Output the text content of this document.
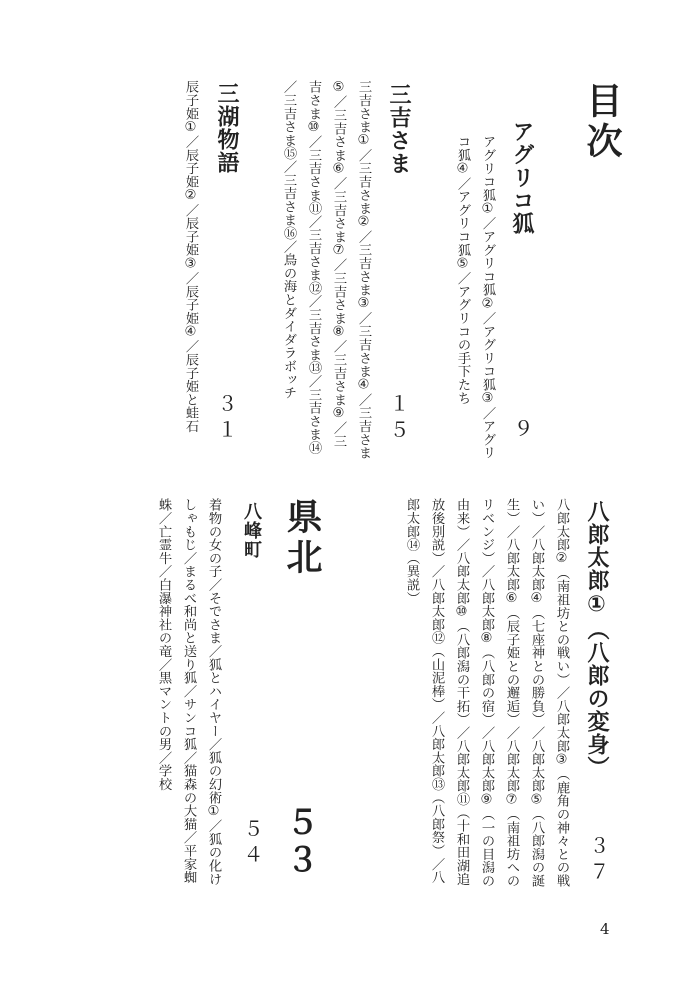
目次
アグリコ狐
アグリコ狐①／アグリコ狐②／アグリコ狐③／アグリコ狐④／アグリコ狐⑤／アグリコの手下たち
９
三吉さま
三吉さま①／三吉さま②／三吉さま③／三吉さま④／三吉さま⑤／三吉さま⑥／三吉さま⑦／三吉さま⑧／三吉さま⑨／三吉さま⑩／三吉さま⑪／三吉さま⑫／三吉さま⑬／三吉さま⑭／三吉さま⑮／三吉さま⑯／鳥の海とダイダラボッチ
１５
三湖物語
辰子姫①／辰子姫②／辰子姫③／辰子姫④／辰子姫と蛙石 ３１
八郎太郎①（八郎の変身）
八郎太郎②（南祖坊との戦い）／八郎太郎③（鹿角の神々との戦い）／八郎太郎④（七座神との勝負）／八郎太郎⑤（八郎潟の誕生）／八郎太郎⑥（辰子姫との邂逅）／八郎太郎⑦（南祖坊へのリベンジ）／八郎太郎⑧（八郎の宿）／八郎太郎⑨（一の目潟の由来）／八郎太郎⑩（八郎潟の干拓）／八郎太郎⑪（十和田湖追放後別説）／八郎太郎⑫（山泥棒）／八郎太郎⑬（八郎祭）／八郎太郎⑭（異説）
３７
県北
５３
八峰町
着物の女の子／そでさま／狐とハイヤー／狐の幻術①／狐の化けしゃもじ／まるべ和尚と送り狐／サンコ狐／猫森の大猫／平家蜘蛛／亡霊牛／白瀑神社の竜／黒マントの男／学校
５４
4
